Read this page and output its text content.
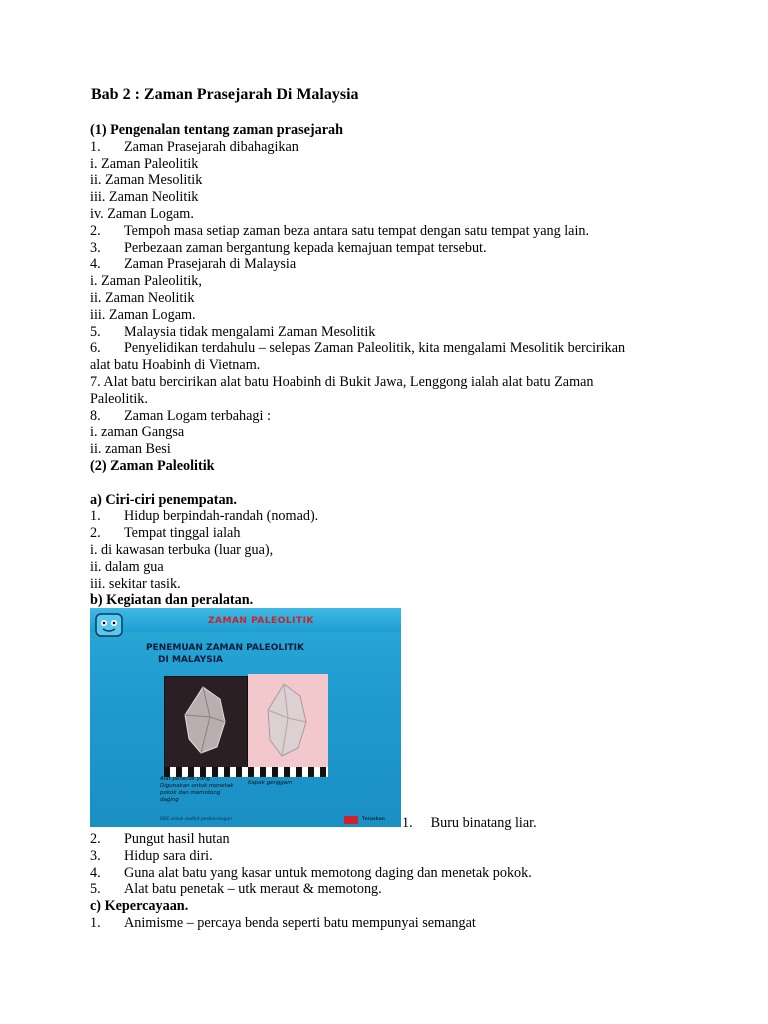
Bab 2 : Zaman Prasejarah Di Malaysia
(1) Pengenalan tentang zaman prasejarah
1. Zaman Prasejarah dibahagikan
i. Zaman Paleolitik
ii. Zaman Mesolitik
iii. Zaman Neolitik
iv. Zaman Logam.
2. Tempoh masa setiap zaman beza antara satu tempat dengan satu tempat yang lain.
3. Perbezaan zaman bergantung kepada kemajuan tempat tersebut.
4. Zaman Prasejarah di Malaysia
i. Zaman Paleolitik,
ii. Zaman Neolitik
iii. Zaman Logam.
5. Malaysia tidak mengalami Zaman Mesolitik
6. Penyelidikan terdahulu – selepas Zaman Paleolitik, kita mengalami Mesolitik bercirikan
alat batu Hoabinh di Vietnam.
7. Alat batu bercirikan alat batu Hoabinh di Bukit Jawa, Lenggong ialah alat batu Zaman
Paleolitik.
8. Zaman Logam terbahagi :
i. zaman Gangsa
ii. zaman Besi
(2) Zaman Paleolitik
a) Ciri-ciri penempatan.
1. Hidup berpindah-randah (nomad).
2. Tempat tinggal ialah
i. di kawasan terbuka (luar gua),
ii. dalam gua
iii. sekitar tasik.
b) Kegiatan dan peralatan.
ZAMAN PALEOLITIK
PENEMUAN ZAMAN PALEOLITIK
DI MALAYSIA
Alat penetak yang
Digunakan untuk menetak
pokok dan memotong
daging
Kapak genggam
KBS untuk sedikit perbincangan	Teruskan 1. Buru binatang liar.
2. Pungut hasil hutan
3. Hidup sara diri.
4. Guna alat batu yang kasar untuk memotong daging dan menetak pokok.
5. Alat batu penetak – utk meraut & memotong.
c) Kepercayaan.
1. Animisme – percaya benda seperti batu mempunyai semangat
